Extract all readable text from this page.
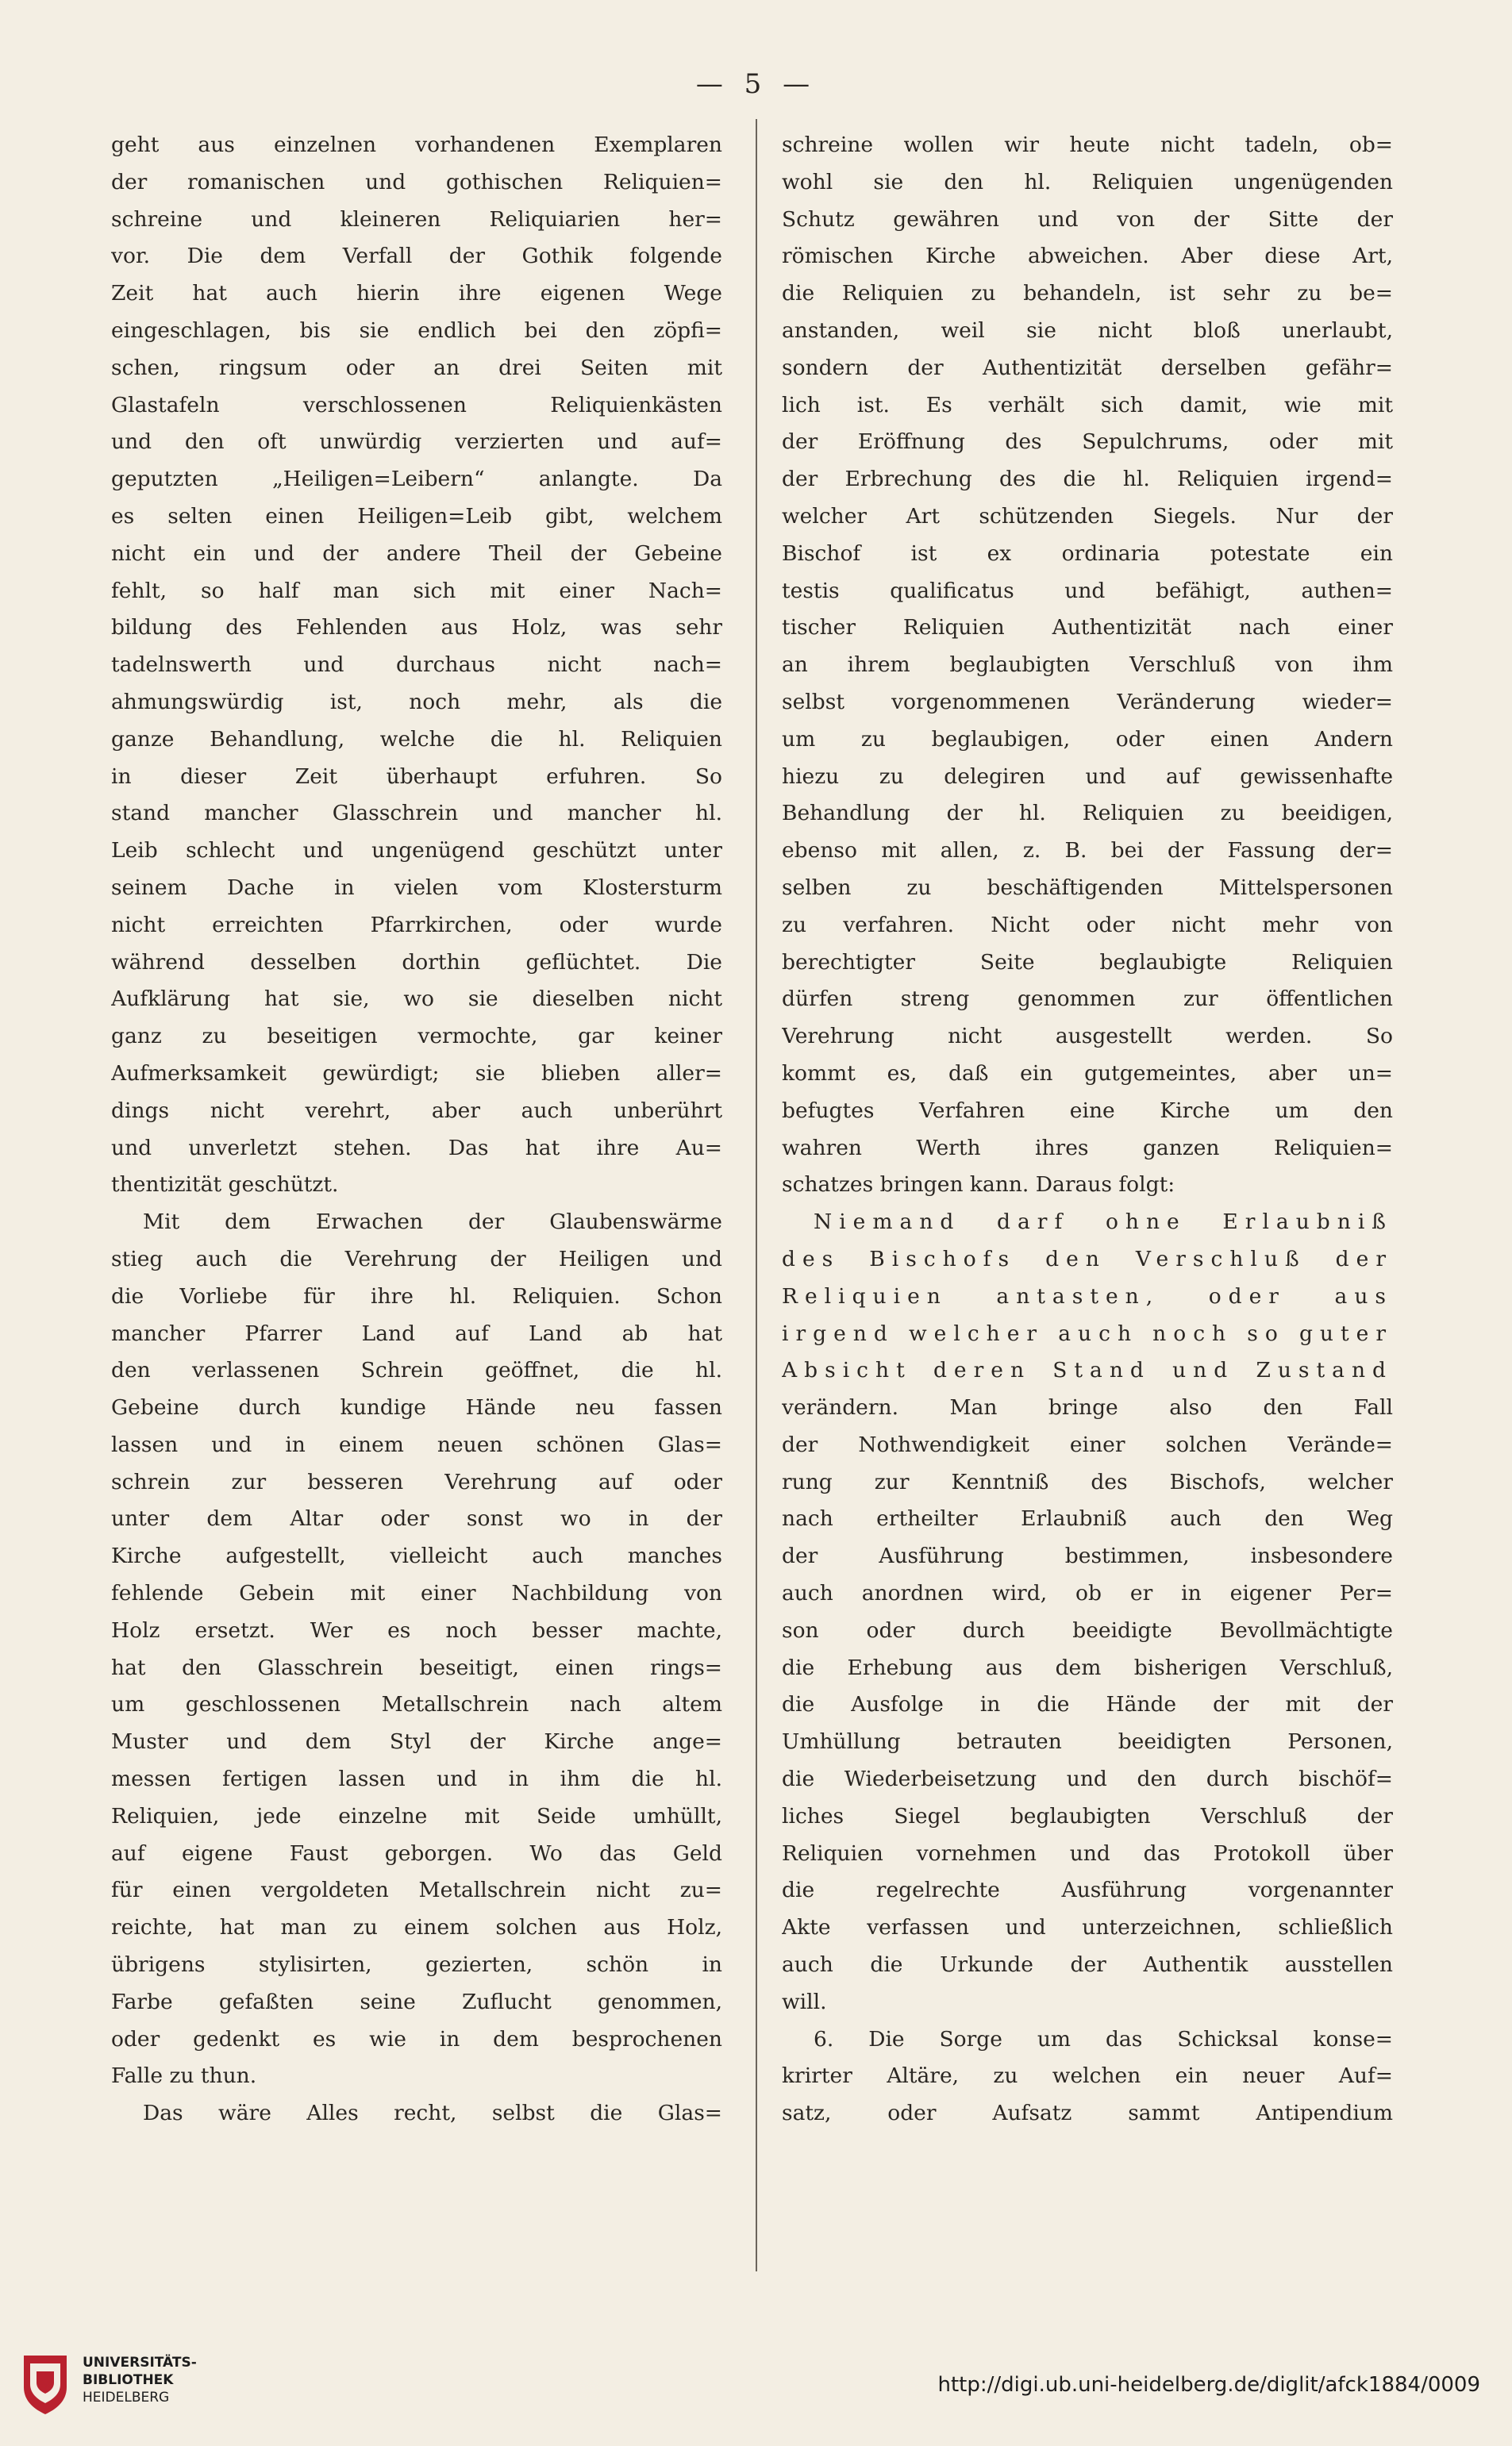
— 5 —
geht aus einzelnen vorhandenen Exemplaren
der romanischen und gothischen Reliquien=
schreine und kleineren Reliquiarien her=
vor. Die dem Verfall der Gothik folgende
Zeit hat auch hierin ihre eigenen Wege
eingeschlagen, bis sie endlich bei den zöpfi=
schen, ringsum oder an drei Seiten mit
Glastafeln verschlossenen Reliquienkästen
und den oft unwürdig verzierten und auf=
geputzten „Heiligen=Leibern“ anlangte. Da
es selten einen Heiligen=Leib gibt, welchem
nicht ein und der andere Theil der Gebeine
fehlt, so half man sich mit einer Nach=
bildung des Fehlenden aus Holz, was sehr
tadelnswerth und durchaus nicht nach=
ahmungswürdig ist, noch mehr, als die
ganze Behandlung, welche die hl. Reliquien
in dieser Zeit überhaupt erfuhren. So
stand mancher Glasschrein und mancher hl.
Leib schlecht und ungenügend geschützt unter
seinem Dache in vielen vom Klostersturm
nicht erreichten Pfarrkirchen, oder wurde
während desselben dorthin geflüchtet. Die
Aufklärung hat sie, wo sie dieselben nicht
ganz zu beseitigen vermochte, gar keiner
Aufmerksamkeit gewürdigt; sie blieben aller=
dings nicht verehrt, aber auch unberührt
und unverletzt stehen. Das hat ihre Au=
thentizität geschützt.
Mit dem Erwachen der Glaubenswärme
stieg auch die Verehrung der Heiligen und
die Vorliebe für ihre hl. Reliquien. Schon
mancher Pfarrer Land auf Land ab hat
den verlassenen Schrein geöffnet, die hl.
Gebeine durch kundige Hände neu fassen
lassen und in einem neuen schönen Glas=
schrein zur besseren Verehrung auf oder
unter dem Altar oder sonst wo in der
Kirche aufgestellt, vielleicht auch manches
fehlende Gebein mit einer Nachbildung von
Holz ersetzt. Wer es noch besser machte,
hat den Glasschrein beseitigt, einen rings=
um geschlossenen Metallschrein nach altem
Muster und dem Styl der Kirche ange=
messen fertigen lassen und in ihm die hl.
Reliquien, jede einzelne mit Seide umhüllt,
auf eigene Faust geborgen. Wo das Geld
für einen vergoldeten Metallschrein nicht zu=
reichte, hat man zu einem solchen aus Holz,
übrigens stylisirten, gezierten, schön in
Farbe gefaßten seine Zuflucht genommen,
oder gedenkt es wie in dem besprochenen
Falle zu thun.
Das wäre Alles recht, selbst die Glas=
schreine wollen wir heute nicht tadeln, ob=
wohl sie den hl. Reliquien ungenügenden
Schutz gewähren und von der Sitte der
römischen Kirche abweichen. Aber diese Art,
die Reliquien zu behandeln, ist sehr zu be=
anstanden, weil sie nicht bloß unerlaubt,
sondern der Authentizität derselben gefähr=
lich ist. Es verhält sich damit, wie mit
der Eröffnung des Sepulchrums, oder mit
der Erbrechung des die hl. Reliquien irgend=
welcher Art schützenden Siegels. Nur der
Bischof ist ex ordinaria potestate ein
testis qualificatus und befähigt, authen=
tischer Reliquien Authentizität nach einer
an ihrem beglaubigten Verschluß von ihm
selbst vorgenommenen Veränderung wieder=
um zu beglaubigen, oder einen Andern
hiezu zu delegiren und auf gewissenhafte
Behandlung der hl. Reliquien zu beeidigen,
ebenso mit allen, z. B. bei der Fassung der=
selben zu beschäftigenden Mittelspersonen
zu verfahren. Nicht oder nicht mehr von
berechtigter Seite beglaubigte Reliquien
dürfen streng genommen zur öffentlichen
Verehrung nicht ausgestellt werden. So
kommt es, daß ein gutgemeintes, aber un=
befugtes Verfahren eine Kirche um den
wahren Werth ihres ganzen Reliquien=
schatzes bringen kann. Daraus folgt:
Niemand darf ohne Erlaubniß
des Bischofs den Verschluß der
Reliquien antasten, oder aus
irgend welcher auch noch so guter
Absicht deren Stand und Zustand
verändern. Man bringe also den Fall
der Nothwendigkeit einer solchen Verände=
rung zur Kenntniß des Bischofs, welcher
nach ertheilter Erlaubniß auch den Weg
der Ausführung bestimmen, insbesondere
auch anordnen wird, ob er in eigener Per=
son oder durch beeidigte Bevollmächtigte
die Erhebung aus dem bisherigen Verschluß,
die Ausfolge in die Hände der mit der
Umhüllung betrauten beeidigten Personen,
die Wiederbeisetzung und den durch bischöf=
liches Siegel beglaubigten Verschluß der
Reliquien vornehmen und das Protokoll über
die regelrechte Ausführung vorgenannter
Akte verfassen und unterzeichnen, schließlich
auch die Urkunde der Authentik ausstellen
will.
6. Die Sorge um das Schicksal konse=
krirter Altäre, zu welchen ein neuer Auf=
satz, oder Aufsatz sammt Antipendium
UNIVERSITÄTS-
BIBLIOTHEK
HEIDELBERG
http://digi.ub.uni-heidelberg.de/diglit/afck1884/0009
